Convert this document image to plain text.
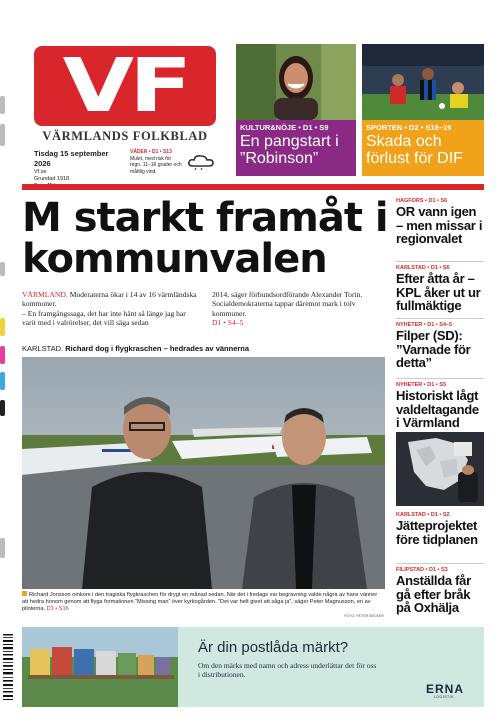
VF
VÄRMLANDS FOLKBLAD
Tisdag 15 september 2026
Vf.se
Grundad 1918
VÄDER • D1 • S13
Mulet, med risk för regn. 11–16 grader och måttlig vind.
KULTUR&NÖJE • D1 • S9
En pangstart i ”Robinson”
SPORTEN • D2 • S18–19
Skada och förlust för DIF
M starkt framåt i kommunvalen
VÄRMLAND. Moderaterna ökar i 14 av 16 värmländska kommuner.
– En framgångssaga, det har inte hänt så länge jag har varit med i valrörelser, det vill säga sedan
2014, säger förbundsordförande Alexander Torin. Socialdemokraterna tappar däremot mark i tolv kommuner.
D1 • S4–5
KARLSTAD. Richard dog i flygkraschen – hedrades av vännerna
Richard Jonsson omkom i den tragiska flygkraschen för drygt en månad sedan. När det i fredags var begravning valde några av hans vänner att hedra honom genom att flyga formationen ”Missing man” över kyrkogården. ”Det var helt givet att såga ja”, säger Peter Magnusson, en av piloterna. D1 • S16
FOTO: PETER BECKER
HAGFORS • D1 • S6
OR vann igen – men missar i regionvalet
KARLSTAD • D1 • S6
Efter åtta år – KPL åker ut ur fullmäktige
NYHETER • D1 • S4–5
Filper (SD): ”Varnade för detta”
NYHETER • D1 • S5
Historiskt lågt valdeltagande i Värmland
KARLSTAD • D1 • S2
Jätteprojektet före tidplanen
FILIPSTAD • D1 • S3
Anställda får gå efter bråk på Oxhälja
Är din postlåda märkt?
Om den märks med namn och adress underlättar det för oss i distributionen.
ERNA
LOGISTIK
